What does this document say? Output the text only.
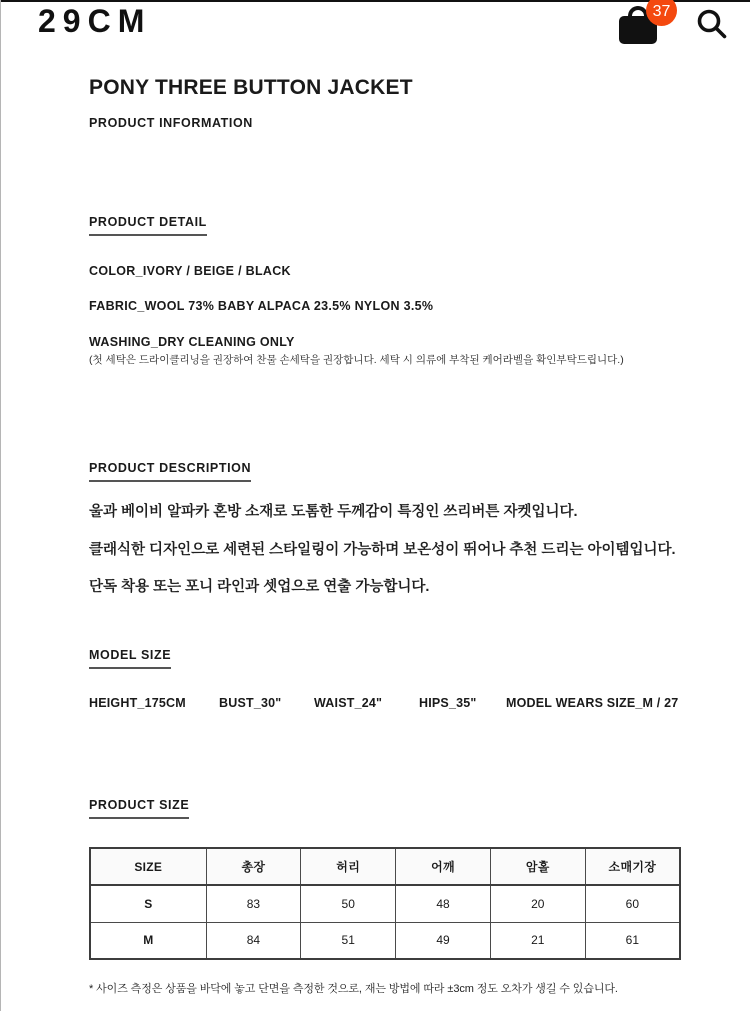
29CM	37
PONY THREE BUTTON JACKET
PRODUCT INFORMATION
PRODUCT DETAIL
COLOR_IVORY / BEIGE / BLACK
FABRIC_WOOL 73% BABY ALPACA 23.5% NYLON 3.5%
WASHING_DRY CLEANING ONLY
(첫 세탁은 드라이클리닝을 권장하여 찬물 손세탁을 권장합니다. 세탁 시 의류에 부착된 케어라벨을 확인부탁드립니다.)
PRODUCT DESCRIPTION
울과 베이비 알파카 혼방 소재로 도톰한 두께감이 특징인 쓰리버튼 자켓입니다.
클래식한 디자인으로 세련된 스타일링이 가능하며 보온성이 뛰어나 추천 드리는 아이템입니다.
단독 착용 또는 포니 라인과 셋업으로 연출 가능합니다.
MODEL SIZE
HEIGHT_175CM	BUST_30"	WAIST_24"	HIPS_35" MODEL WEARS SIZE_M / 27
PRODUCT SIZE
SIZE	총장	허리	어깨	암홀	소매기장
S	83	50	48	20	60
M	84	51	49	21	61
* 사이즈 측정은 상품을 바닥에 놓고 단면을 측정한 것으로, 재는 방법에 따라 ±3cm 정도 오차가 생길 수 있습니다.
